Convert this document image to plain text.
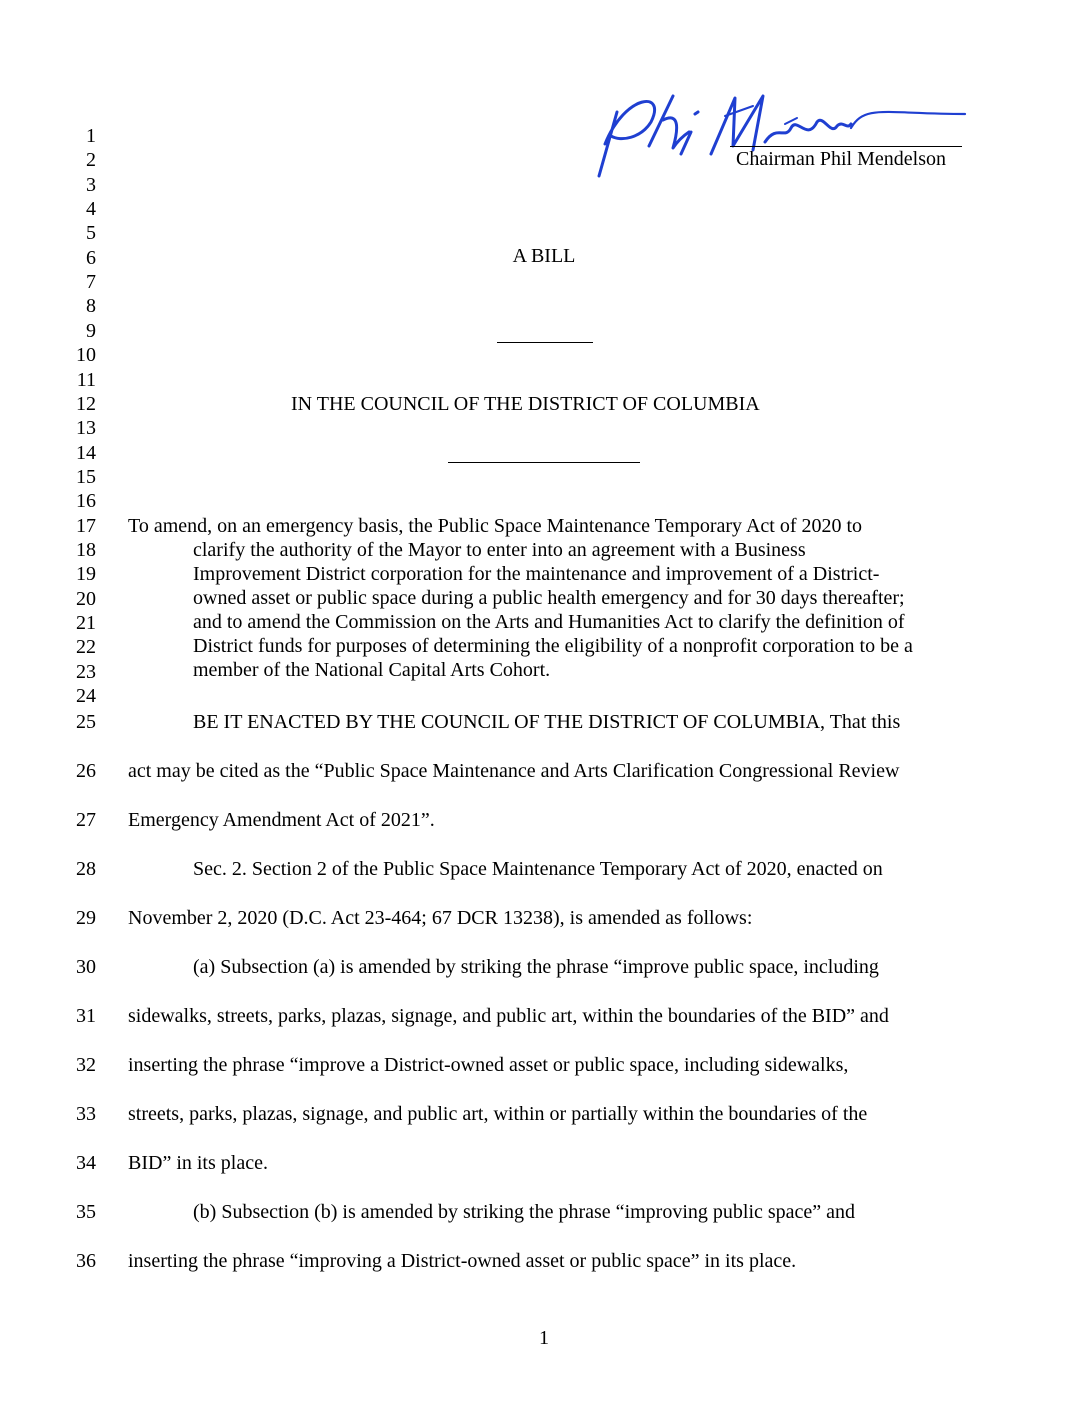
Chairman Phil Mendelson
1
2
3
4
5
6
7
8
9
10
11
12
13
14
15
16
17
18
19
20
21
22
23
24
25
26
27
28
29
30
31
32
33
34
35
36
A BILL
IN THE COUNCIL OF THE DISTRICT OF COLUMBIA
To amend, on an emergency basis, the Public Space Maintenance Temporary Act of 2020 to
clarify the authority of the Mayor to enter into an agreement with a Business
Improvement District corporation for the maintenance and improvement of a District-
owned asset or public space during a public health emergency and for 30 days thereafter;
and to amend the Commission on the Arts and Humanities Act to clarify the definition of
District funds for purposes of determining the eligibility of a nonprofit corporation to be a
member of the National Capital Arts Cohort.
BE IT ENACTED BY THE COUNCIL OF THE DISTRICT OF COLUMBIA, That this
act may be cited as the “Public Space Maintenance and Arts Clarification Congressional Review
Emergency Amendment Act of 2021”.
Sec. 2. Section 2 of the Public Space Maintenance Temporary Act of 2020, enacted on
November 2, 2020 (D.C. Act 23-464; 67 DCR 13238), is amended as follows:
(a) Subsection (a) is amended by striking the phrase “improve public space, including
sidewalks, streets, parks, plazas, signage, and public art, within the boundaries of the BID” and
inserting the phrase “improve a District-owned asset or public space, including sidewalks,
streets, parks, plazas, signage, and public art, within or partially within the boundaries of the
BID” in its place.
(b) Subsection (b) is amended by striking the phrase “improving public space” and
inserting the phrase “improving a District-owned asset or public space” in its place.
1
